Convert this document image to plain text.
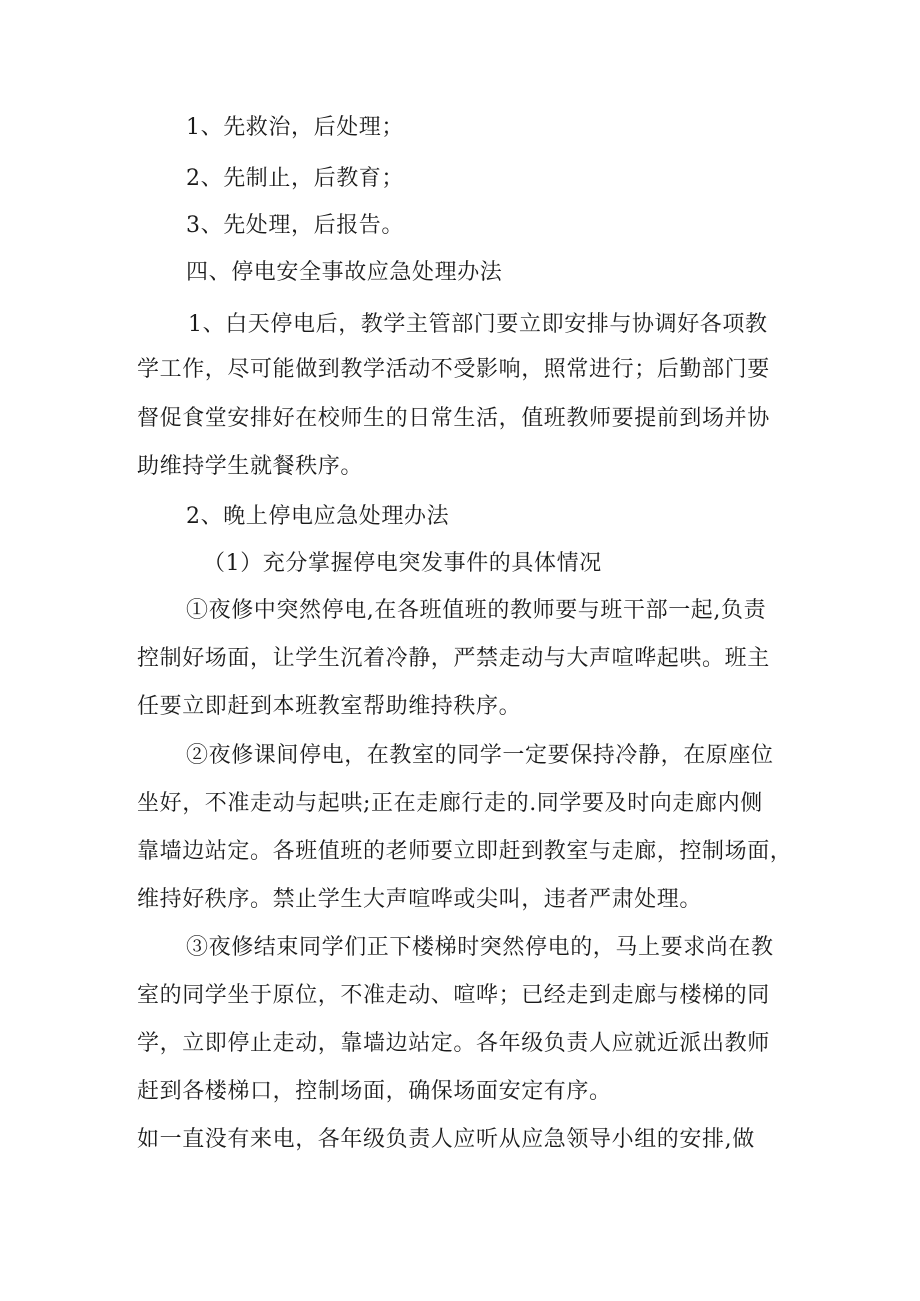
1、先救治，后处理；
2、先制止，后教育；
3、先处理，后报告。
四、停电安全事故应急处理办法
1、白天停电后，教学主管部门要立即安排与协调好各项教
学工作，尽可能做到教学活动不受影响，照常进行；后勤部门要
督促食堂安排好在校师生的日常生活，值班教师要提前到场并协
助维持学生就餐秩序。
2、晚上停电应急处理办法
（1）充分掌握停电突发事件的具体情况
①夜修中突然停电,在各班值班的教师要与班干部一起,负责
控制好场面，让学生沉着冷静，严禁走动与大声喧哗起哄。班主
任要立即赶到本班教室帮助维持秩序。
②夜修课间停电，在教室的同学一定要保持冷静，在原座位
坐好，不准走动与起哄;正在走廊行走的.同学要及时向走廊内侧
靠墙边站定。各班值班的老师要立即赶到教室与走廊，控制场面，
维持好秩序。禁止学生大声喧哗或尖叫，违者严肃处理。
③夜修结束同学们正下楼梯时突然停电的，马上要求尚在教
室的同学坐于原位，不准走动、喧哗；已经走到走廊与楼梯的同
学，立即停止走动，靠墙边站定。各年级负责人应就近派出教师
赶到各楼梯口，控制场面，确保场面安定有序。
如一直没有来电，各年级负责人应听从应急领导小组的安排,做
